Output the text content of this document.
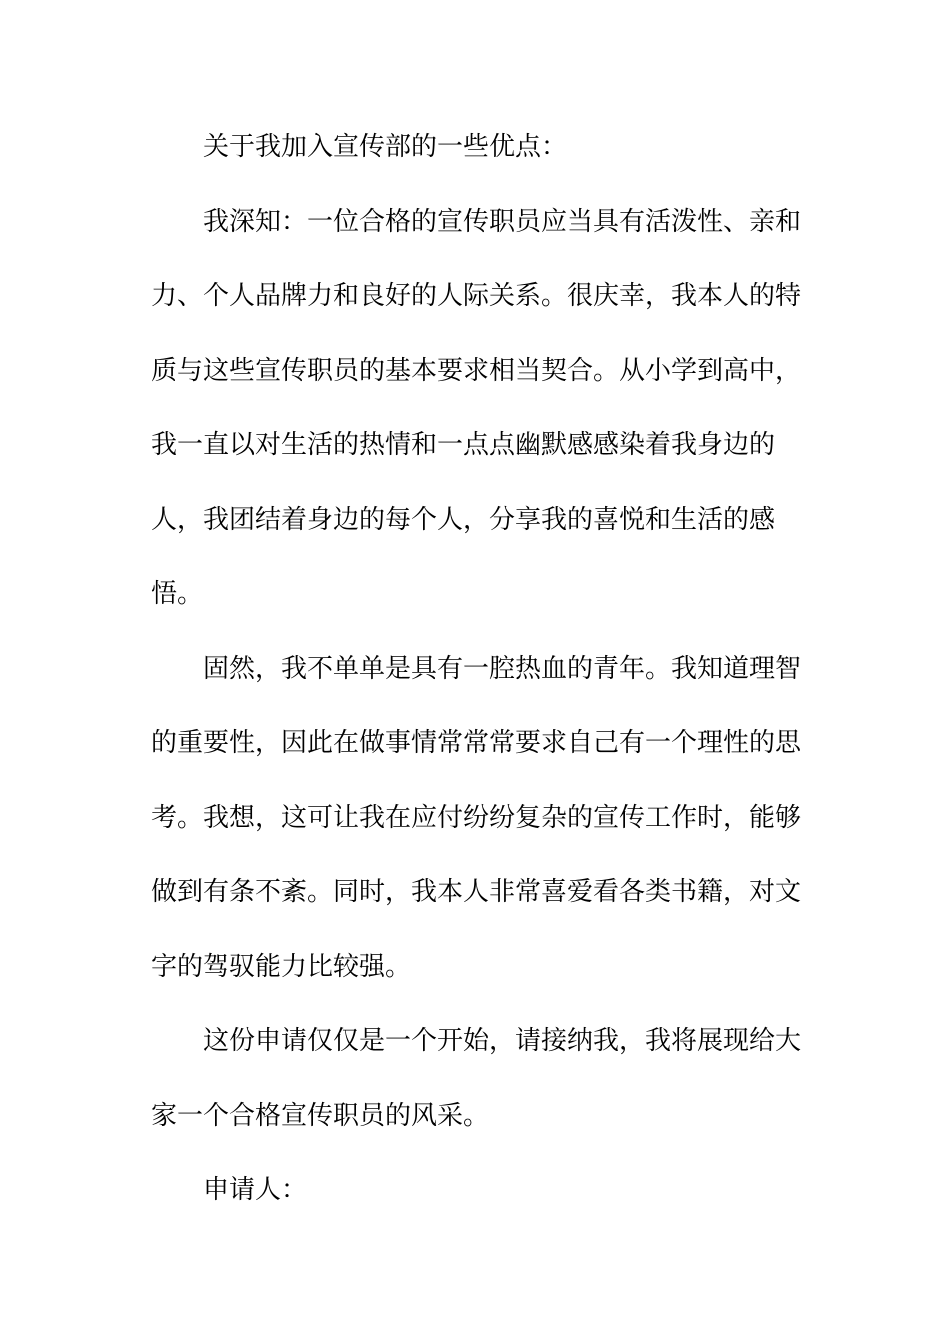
关于我加入宣传部的一些优点：
我深知：一位合格的宣传职员应当具有活泼性、亲和
力、个人品牌力和良好的人际关系。很庆幸，我本人的特
质与这些宣传职员的基本要求相当契合。从小学到高中，
我一直以对生活的热情和一点点幽默感感染着我身边的
人，我团结着身边的每个人，分享我的喜悦和生活的感
悟。
固然，我不单单是具有一腔热血的青年。我知道理智
的重要性，因此在做事情常常常要求自己有一个理性的思
考。我想，这可让我在应付纷纷复杂的宣传工作时，能够
做到有条不紊。同时，我本人非常喜爱看各类书籍，对文
字的驾驭能力比较强。
这份申请仅仅是一个开始，请接纳我，我将展现给大
家一个合格宣传职员的风采。
申请人：
